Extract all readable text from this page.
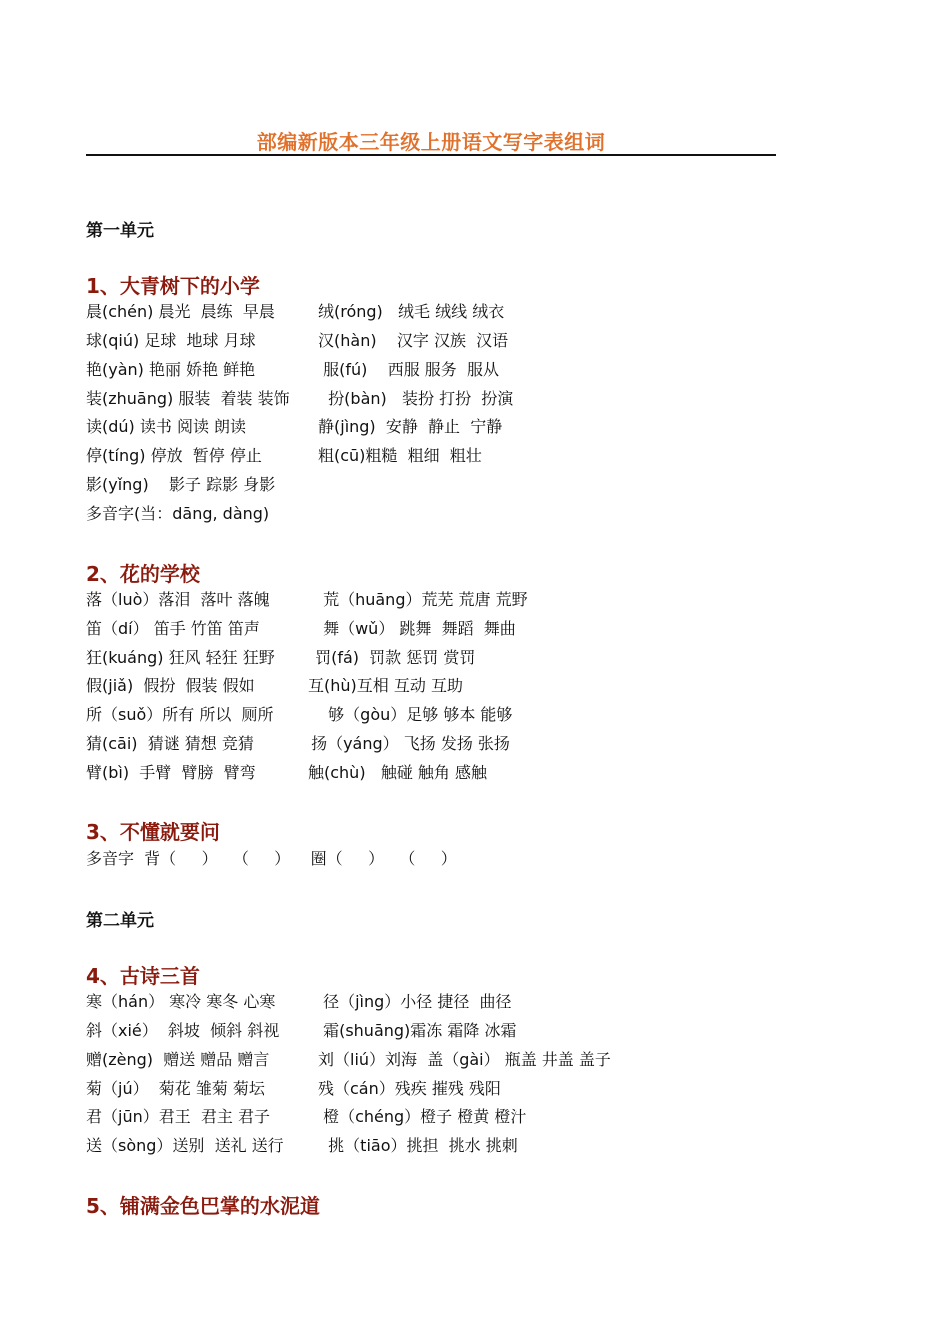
部编新版本三年级上册语文写字表组词
第一单元
1、大青树下的小学
晨(chén) 晨光  晨练  早晨
球(qiú) 足球  地球 月球
艳(yàn) 艳丽 娇艳 鲜艳
装(zhuāng) 服装  着装 装饰
读(dú) 读书 阅读 朗读
停(tíng) 停放  暂停 停止
影(yǐng)    影子 踪影 身影
多音字(当：dāng, dàng)
绒(róng)   绒毛 绒线 绒衣
汉(hàn)    汉字 汉族  汉语
服(fú)    西服 服务  服从
扮(bàn)   装扮 打扮  扮演
静(jìng)  安静  静止  宁静
粗(cū)粗糙  粗细  粗壮
2、花的学校
落（luò）落泪  落叶 落魄
笛（dí） 笛手 竹笛 笛声
狂(kuáng) 狂风 轻狂 狂野
假(jiǎ)  假扮  假装 假如
所（suǒ）所有 所以  厕所
猜(cāi)  猜谜 猜想 竞猜
臂(bì)  手臂  臂膀  臂弯
荒（huāng）荒芜 荒唐 荒野
舞（wǔ） 跳舞  舞蹈  舞曲
罚(fá)  罚款 惩罚 赏罚
互(hù)互相 互动 互助
够（gòu）足够 够本 能够
扬（yáng） 飞扬 发扬 张扬
触(chù)   触碰 触角 感触
3、不懂就要问
多音字  背（     ）   （     ）    圈（     ）   （     ）
第二单元
4、古诗三首
寒（hán） 寒冷 寒冬 心寒
斜（xié）  斜坡  倾斜 斜视
赠(zèng)  赠送 赠品 赠言
菊（jú）  菊花 雏菊 菊坛
君（jūn）君王  君主 君子
送（sòng）送别  送礼 送行
径（jìng）小径 捷径  曲径
霜(shuāng)霜冻 霜降 冰霜
刘（liú）刘海  盖（gài） 瓶盖 井盖 盖子
残（cán）残疾 摧残 残阳
橙（chéng）橙子 橙黄 橙汁
挑（tiāo）挑担  挑水 挑刺
5、铺满金色巴掌的水泥道
